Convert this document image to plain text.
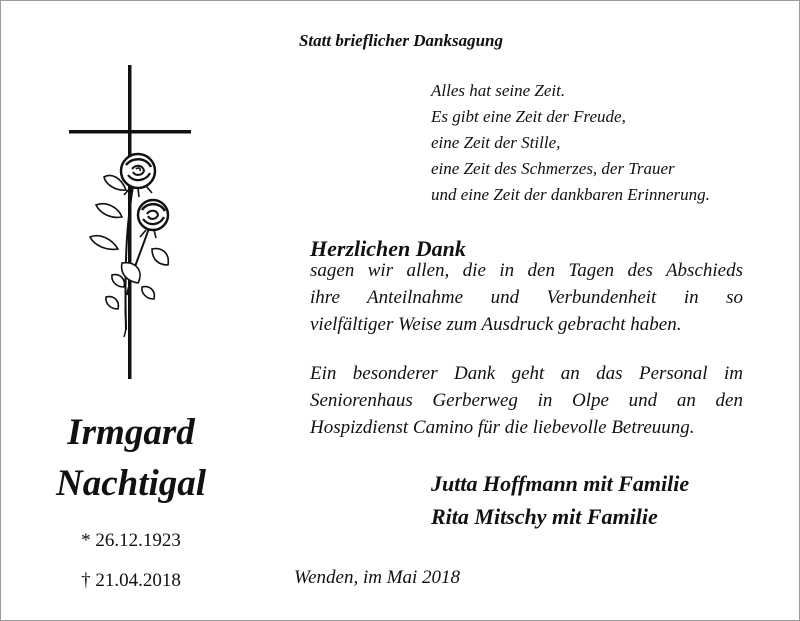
Statt brieflicher Danksagung
Alles hat seine Zeit.
Es gibt eine Zeit der Freude,
eine Zeit der Stille,
eine Zeit des Schmerzes, der Trauer
und eine Zeit der dankbaren Erinnerung.
Irmgard
Nachtigal
* 26.12.1923
† 21.04.2018
Herzlichen Dank
sagen wir allen, die in den Tagen des Abschieds
ihre Anteilnahme und Verbundenheit in so
vielfältiger Weise zum Ausdruck gebracht haben.
Ein besonderer Dank geht an das Personal im
Seniorenhaus Gerberweg in Olpe und an den
Hospizdienst Camino für die liebevolle Betreuung.
Jutta Hoffmann mit Familie
Rita Mitschy mit Familie
Wenden, im Mai 2018
